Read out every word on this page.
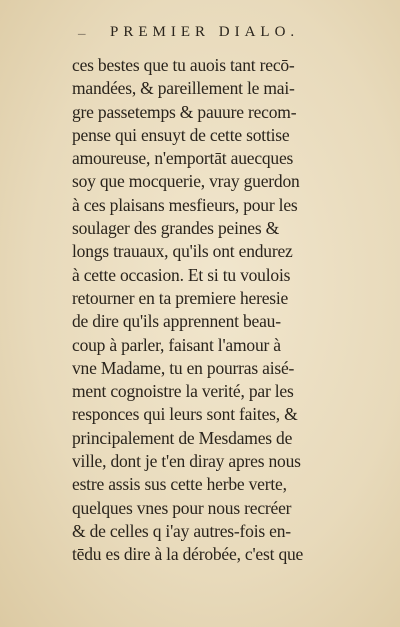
– PREMIER DIALO.
ces bestes que tu auois tant recō-
mandées, & pareillement le mai-
gre passetemps & pauure recom-
pense qui ensuyt de cette sottise
amoureuse, n'emportāt auecques
soy que mocquerie, vray guerdon
à ces plaisans mesfieurs, pour les
soulager des grandes peines &
longs trauaux, qu'ils ont endurez
à cette occasion. Et si tu voulois
retourner en ta premiere heresie
de dire qu'ils apprennent beau-
coup à parler, faisant l'amour à
vne Madame, tu en pourras aisé-
ment cognoistre la verité, par les
responces qui leurs sont faites, &
principalement de Mesdames de
ville, dont je t'en diray apres nous
estre assis sus cette herbe verte,
quelques vnes pour nous recréer
& de celles q i'ay autres-fois en-
tēdu es dire à la dérobée, c'est que
